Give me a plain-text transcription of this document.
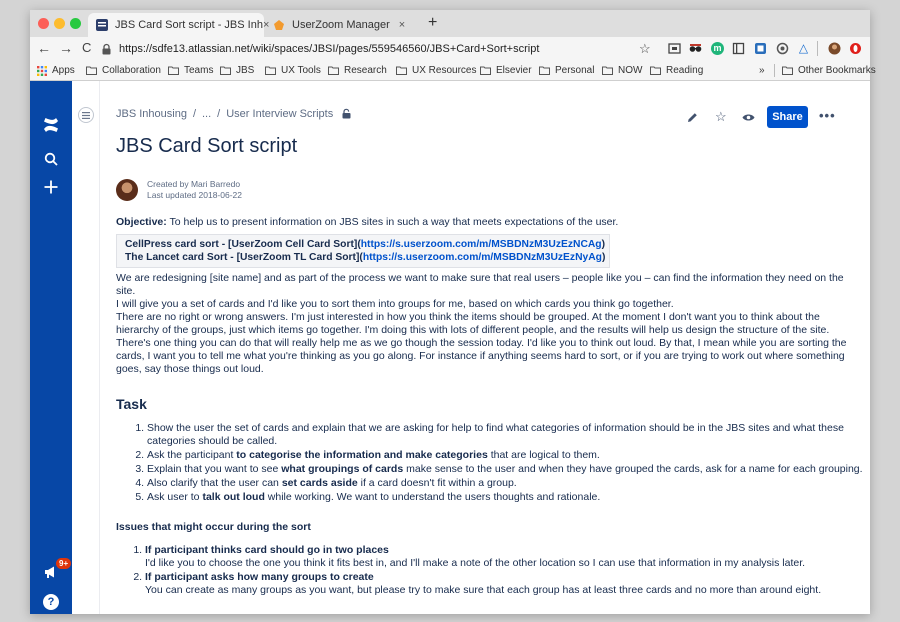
JBS Card Sort script - JBS Inh × UserZoom Manager × +
← → C	https://sdfe13.atlassian.net/wiki/spaces/JBSI/pages/559546560/JBS+Card+Sort+script	☆	m	△
Apps	Collaboration Teams JBS	UX Tools Research	UX Resources Elsevier Personal NOW Reading	»	Other Bookmarks
9+
?
JBS Inhousing / ... / User Interview Scripts	☆	Share	•••
JBS Card Sort script
Created by Mari Barredo
Last updated 2018-06-22

Objective: To help us to present information on JBS sites in such a way that meets expectations of the user.

CellPress card sort - [UserZoom Cell Card Sort](https://s.userzoom.com/m/MSBDNzM3UzEzNCAg)
The Lancet card Sort - [UserZoom TL Card Sort](https://s.userzoom.com/m/MSBDNzM3UzEzNyAg)

We are redesigning [site name] and as part of the process we want to make sure that real users – people like you – can find the information they need on the

site.

I will give you a set of cards and I'd like you to sort them into groups for me, based on which cards you think go together.

There are no right or wrong answers. I'm just interested in how you think the items should be grouped. At the moment I don't want you to think about the

hierarchy of the groups, just which items go together. I'm doing this with lots of different people, and the results will help us design the structure of the site.

There's one thing you can do that will really help me as we go though the session today. I'd like you to think out loud. By that, I mean while you are sorting the

cards, I want you to tell me what you're thinking as you go along. For instance if anything seems hard to sort, or if you are trying to work out where something

goes, say those things out loud.

Task
1. Show the user the set of cards and explain that we are asking for help to find what categories of information should be in the JBS sites and what these
categories should be called.
2. Ask the participant to categorise the information and make categories that are logical to them.
3. Explain that you want to see what groupings of cards make sense to the user and when they have grouped the cards, ask for a name for each grouping.
4. Also clarify that the user can set cards aside if a card doesn't fit within a group.
5. Ask user to talk out loud while working. We want to understand the users thoughts and rationale.

Issues that might occur during the sort

1. If participant thinks card should go in two places
I'd like you to choose the one you think it fits best in, and I'll make a note of the other location so I can use that information in my analysis later.
2. If participant asks how many groups to create
You can create as many groups as you want, but please try to make sure that each group has at least three cards and no more than around eight.
